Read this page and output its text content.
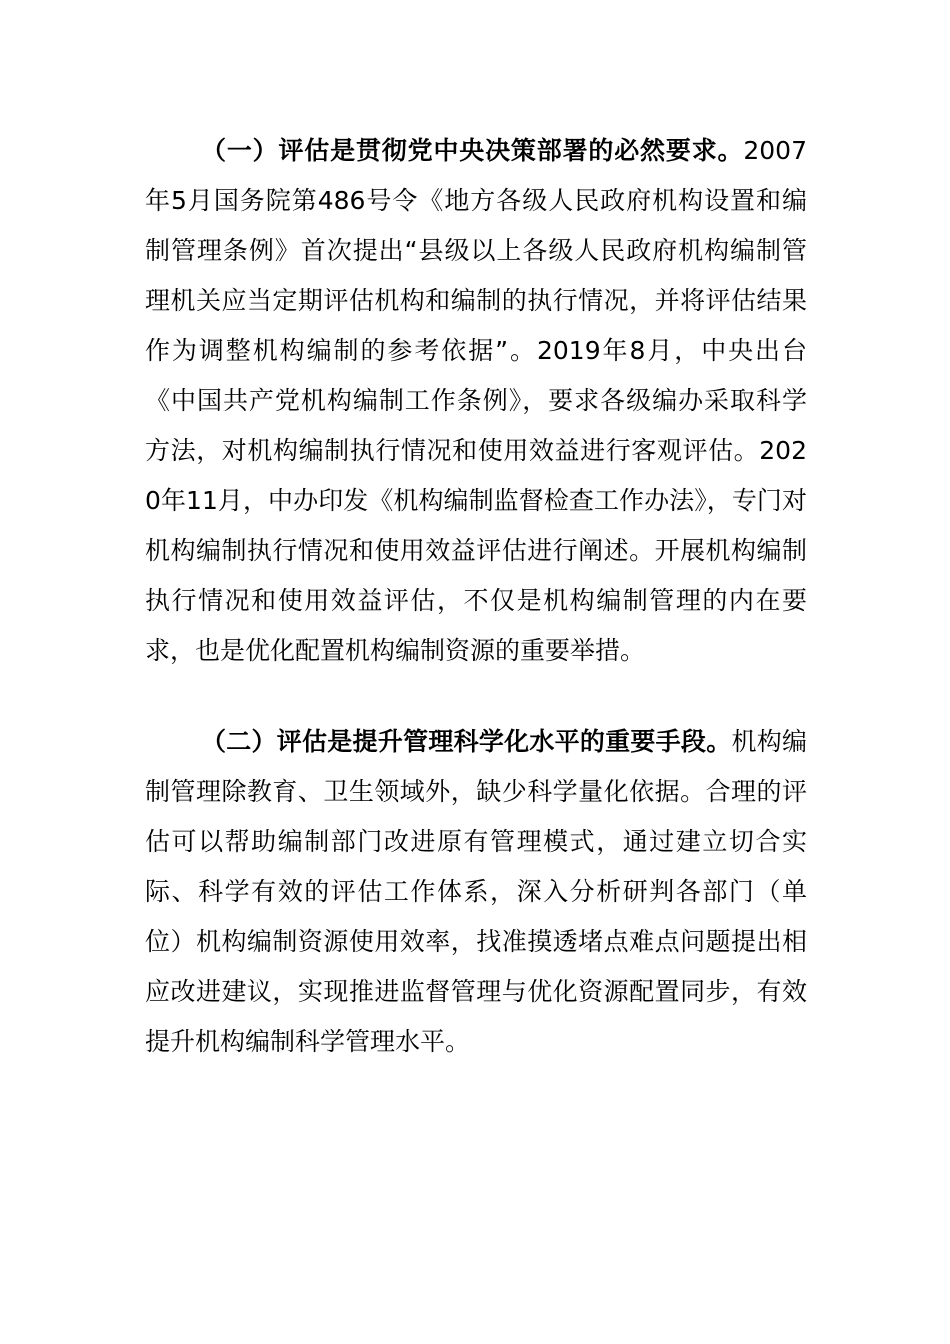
（一）评估是贯彻党中央决策部署的必然要求。2007年5月国务院第486号令《地方各级人民政府机构设置和编制管理条例》首次提出“县级以上各级人民政府机构编制管理机关应当定期评估机构和编制的执行情况，并将评估结果作为调整机构编制的参考依据”。2019年8月，中央出台《中国共产党机构编制工作条例》，要求各级编办采取科学方法，对机构编制执行情况和使用效益进行客观评估。2020年11月，中办印发《机构编制监督检查工作办法》，专门对机构编制执行情况和使用效益评估进行阐述。开展机构编制执行情况和使用效益评估，不仅是机构编制管理的内在要求，也是优化配置机构编制资源的重要举措。

（二）评估是提升管理科学化水平的重要手段。机构编制管理除教育、卫生领域外，缺少科学量化依据。合理的评估可以帮助编制部门改进原有管理模式，通过建立切合实际、科学有效的评估工作体系，深入分析研判各部门（单位）机构编制资源使用效率，找准摸透堵点难点问题提出相应改进建议，实现推进监督管理与优化资源配置同步，有效提升机构编制科学管理水平。
